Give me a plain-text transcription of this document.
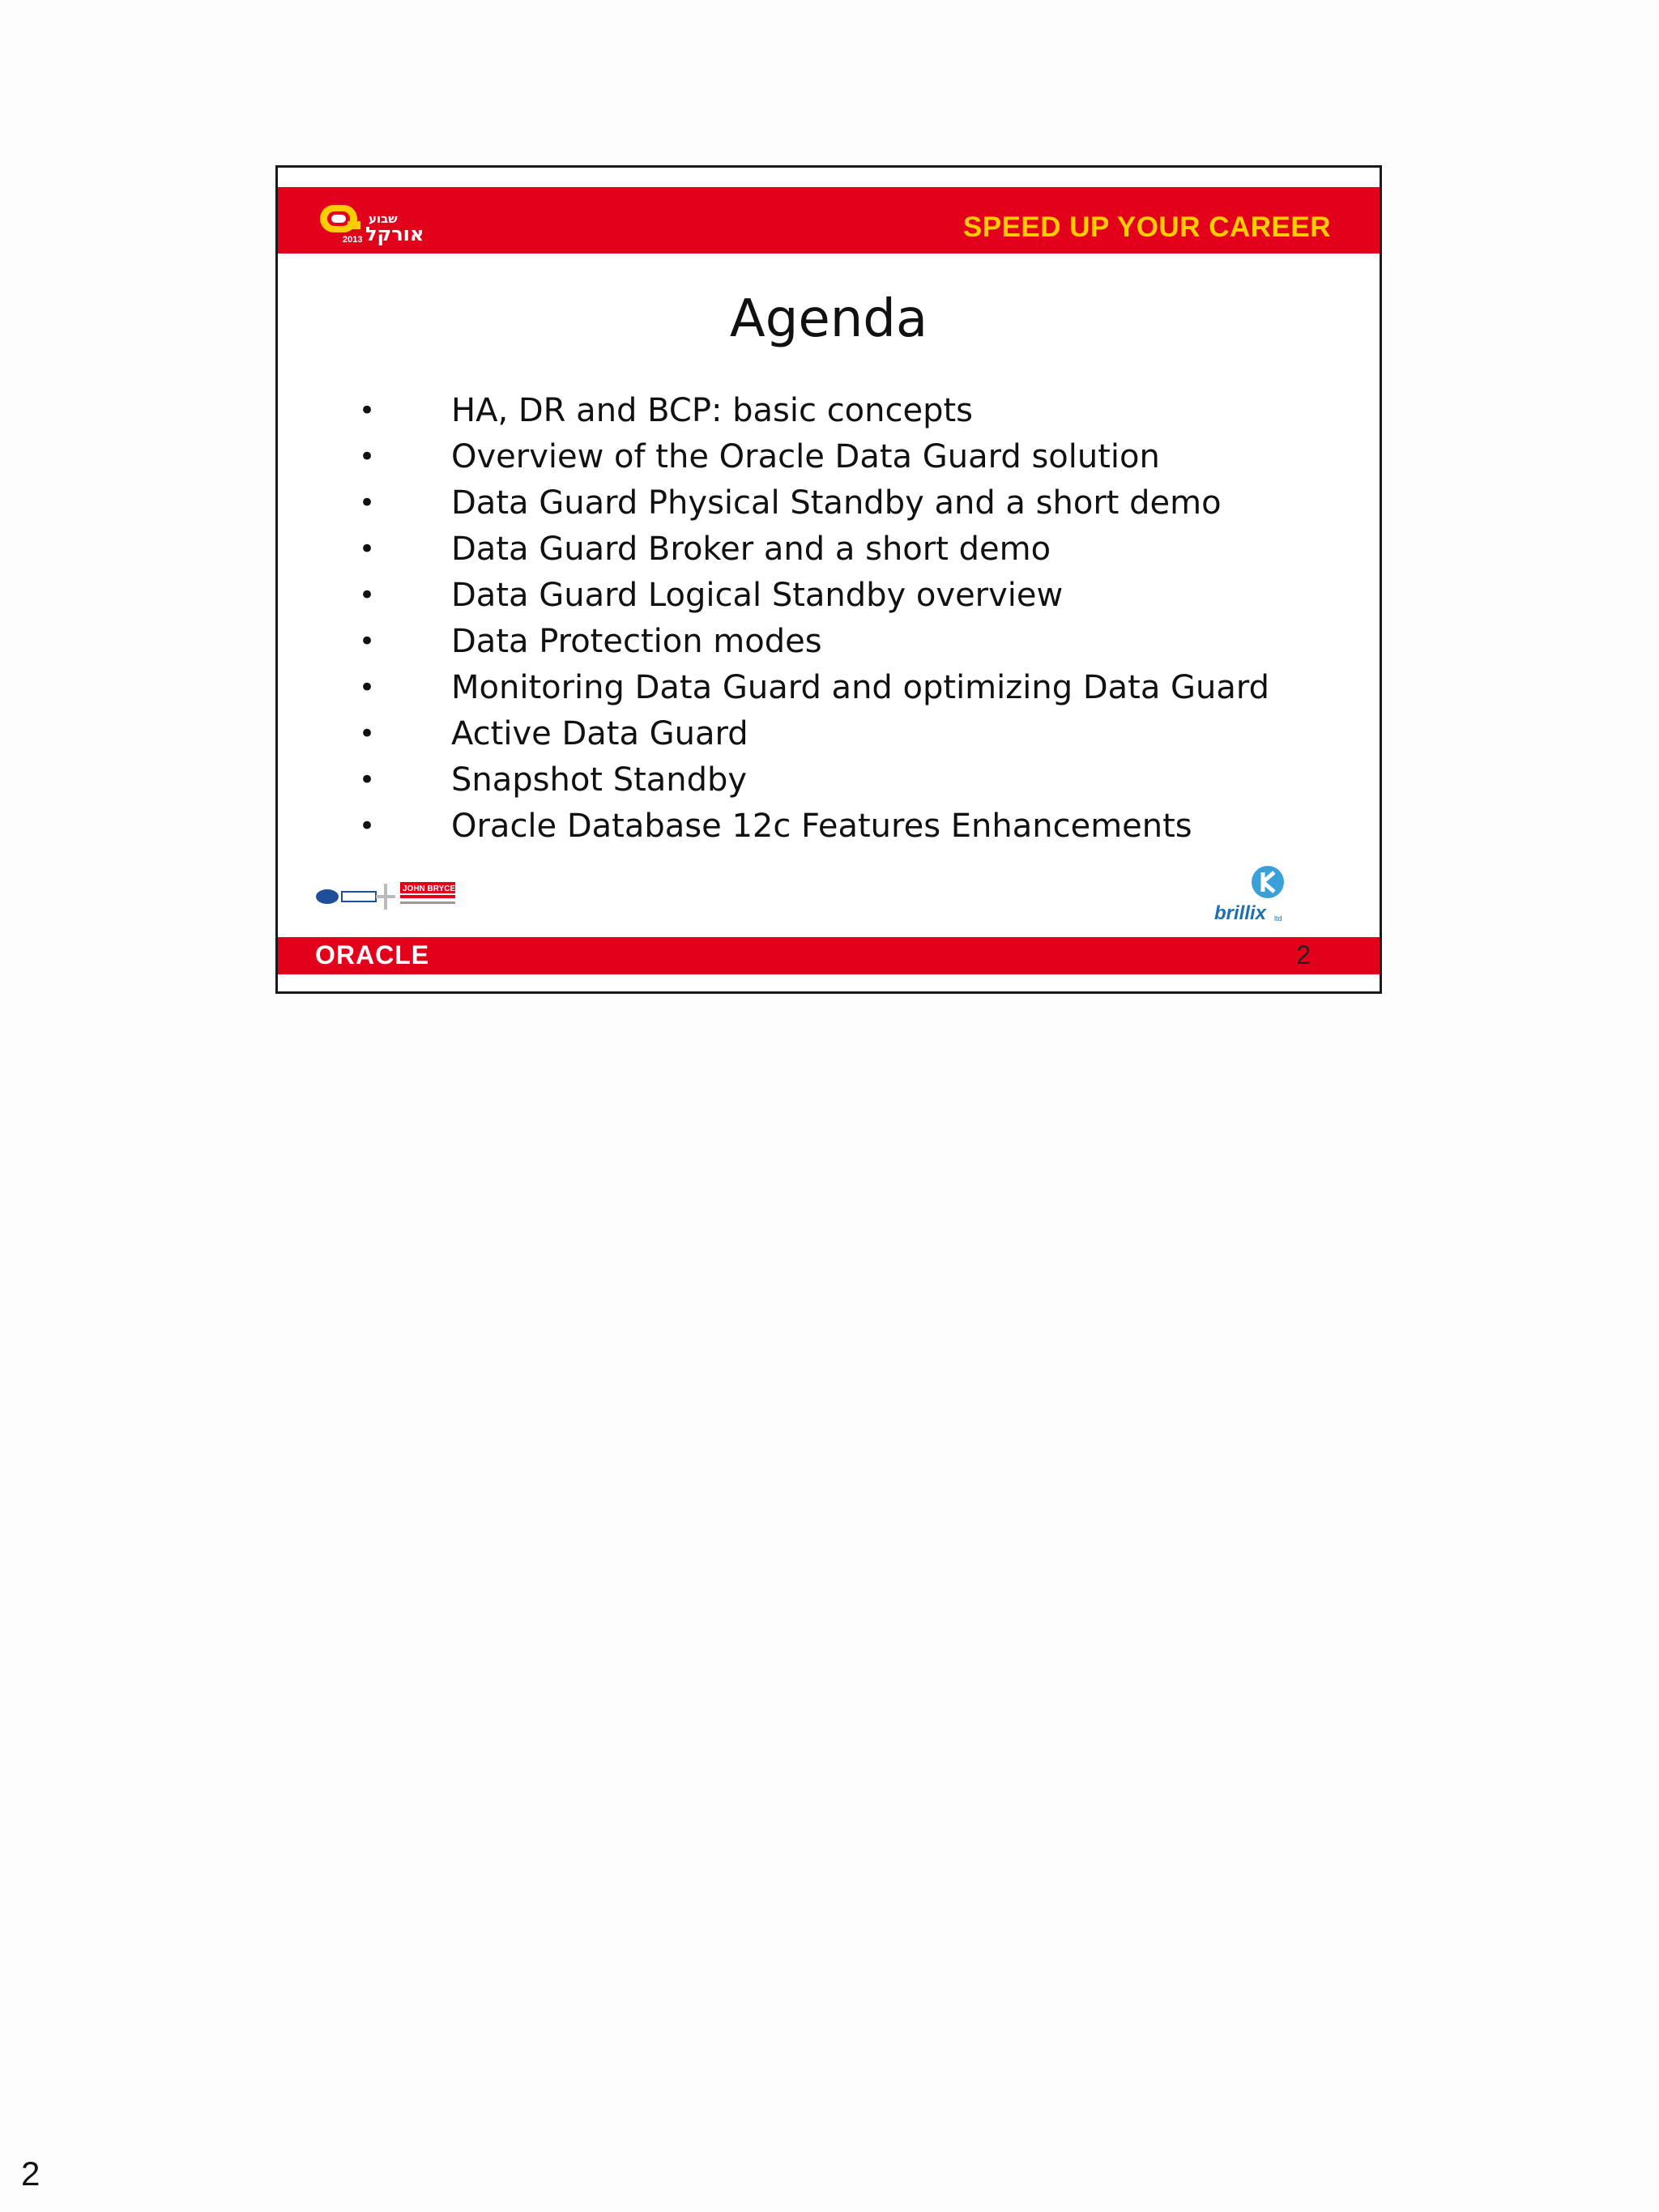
2013
שבוע
אורקל	SPEED UP YOUR CAREER
Agenda
• HA, DR and BCP: basic concepts
• Overview of the Oracle Data Guard solution
• Data Guard Physical Standby and a short demo
• Data Guard Broker and a short demo
• Data Guard Logical Standby overview
• Data Protection modes
• Monitoring Data Guard and optimizing Data Guard
• Active Data Guard
• Snapshot Standby
• Oracle Database 12c Features Enhancements
JOHN BRYCE
brillix ltd
ORACLE	2
2
